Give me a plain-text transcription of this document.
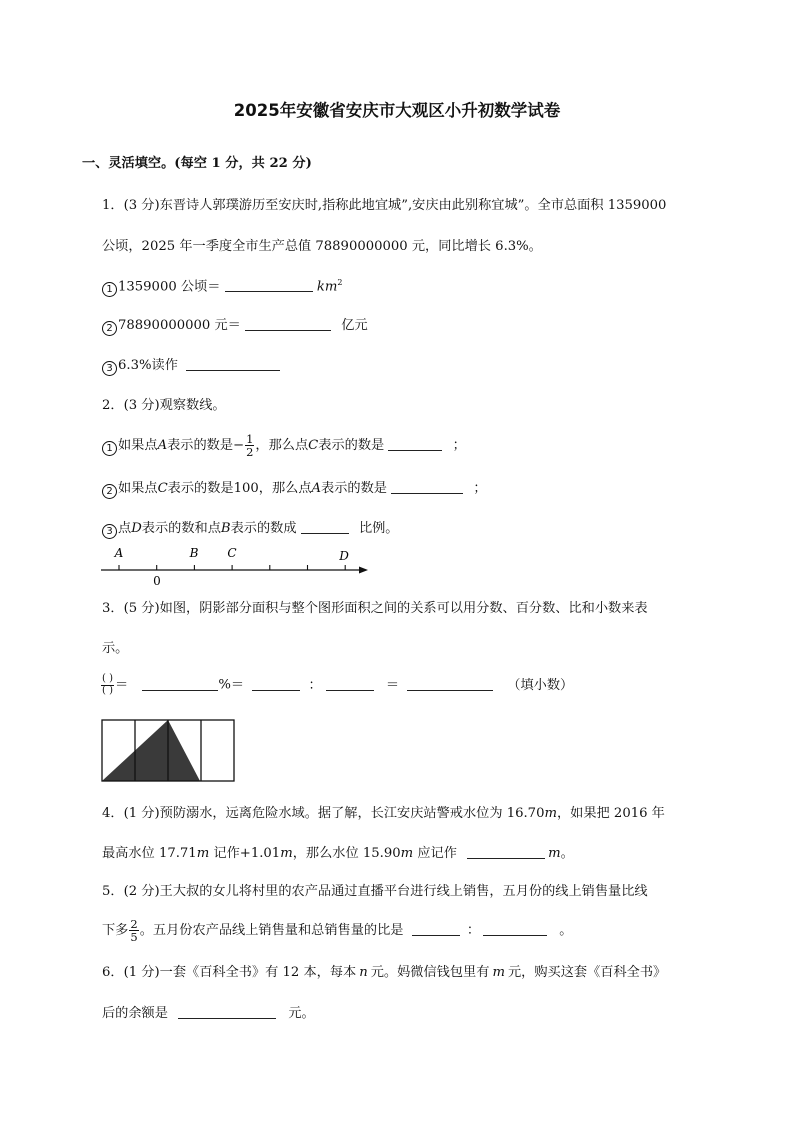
2025年安徽省安庆市大观区小升初数学试卷
一、灵活填空。(每空 1 分，共 22 分)
1．(3 分)东晋诗人郭璞游历至安庆时,指称此地宜城”,安庆由此别称宜城”。全市总面积 1359000
公顷，2025 年一季度全市生产总值 78890000000 元，同比增长 6.3%。
1 1359000 公顷＝	$km^2$
2 78890000000 元＝	亿元
3 6.3%读作
2．(3 分)观察数线。
1 如果点A表示的数是− $\frac{1}{2}$ ，那么点C表示的数是	；
2 如果点C表示的数是100，那么点A表示的数是	；
3 点D表示的数和点B表示的数成	比例。
A	B C	D
0
3．(5 分)如图，阴影部分面积与整个图形面积之间的关系可以用分数、百分数、比和小数来表
示。
$\frac{( )}{( )}$ ＝	%＝	：	＝	（填小数）
4．(1 分)预防溺水，远离危险水域。据了解，长江安庆站警戒水位为 16.70m，如果把 2016 年
最高水位 17.71m 记作+1.01m，那么水位 15.90m 应记作	m。
5．(2 分)王大叔的女儿将村里的农产品通过直播平台进行线上销售，五月份的线上销售量比线
下多 $\frac{2}{5}$ 。五月份农产品线上销售量和总销售量的比是	：	。
6．(1 分)一套《百科全书》有 12 本，每本 n 元。妈微信钱包里有 m 元，购买这套《百科全书》
后的余额是	元。
